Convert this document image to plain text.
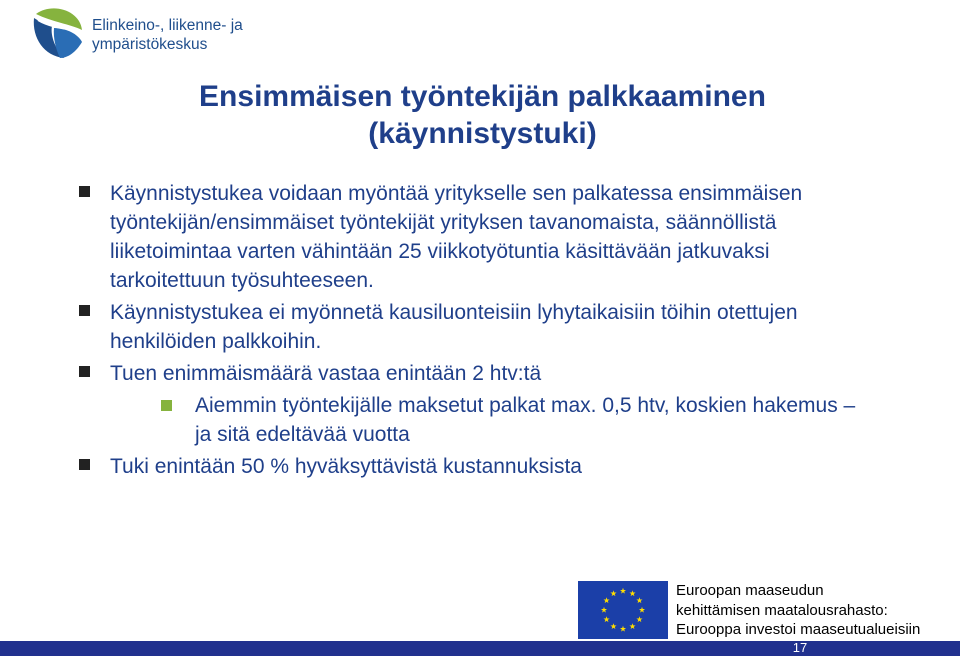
Elinkeino-, liikenne- ja
ympäristökeskus
Ensimmäisen työntekijän palkkaaminen
(käynnistystuki)
Käynnistystukea voidaan myöntää yritykselle sen palkatessa ensimmäisen työntekijän/ensimmäiset työntekijät yrityksen tavanomaista, säännöllistä liiketoimintaa varten vähintään 25 viikkotyötuntia käsittävään jatkuvaksi tarkoitettuun työsuhteeseen.
Käynnistystukea ei myönnetä kausiluonteisiin lyhytaikaisiin töihin otettujen henkilöiden palkkoihin.
Tuen enimmäismäärä vastaa enintään 2 htv:tä
Aiemmin työntekijälle maksetut palkat max. 0,5 htv, koskien hakemus – ja sitä edeltävää vuotta
Tuki enintään 50 % hyväksyttävistä kustannuksista
Euroopan maaseudun
kehittämisen maatalousrahasto:
Eurooppa investoi maaseutualueisiin
17
